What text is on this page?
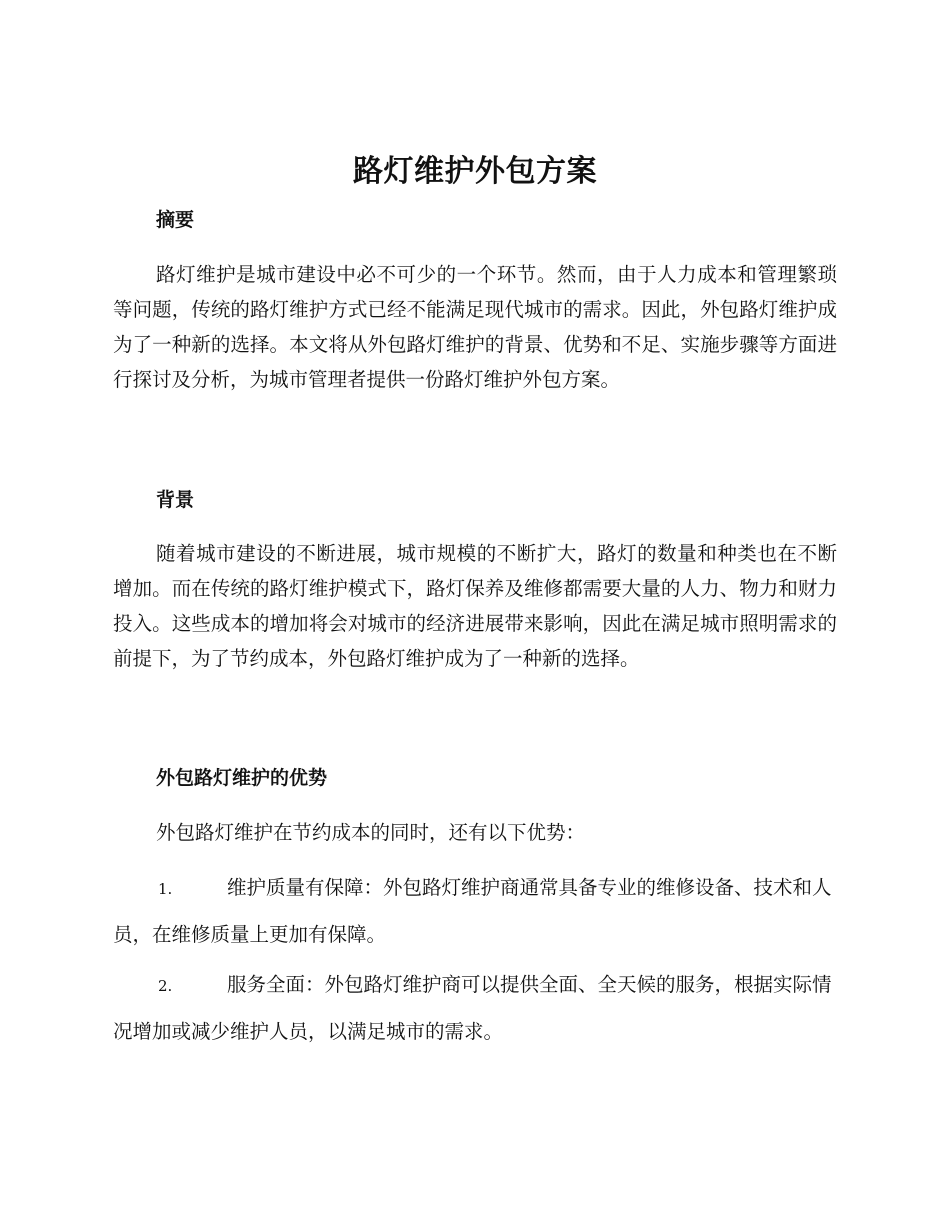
路灯维护外包方案
摘要

路灯维护是城市建设中必不可少的一个环节。然而，由于人力成本和管理繁琐等问题，传统的路灯维护方式已经不能满足现代城市的需求。因此，外包路灯维护成为了一种新的选择。本文将从外包路灯维护的背景、优势和不足、实施步骤等方面进行探讨及分析，为城市管理者提供一份路灯维护外包方案。

背景

随着城市建设的不断进展，城市规模的不断扩大，路灯的数量和种类也在不断增加。而在传统的路灯维护模式下，路灯保养及维修都需要大量的人力、物力和财力投入。这些成本的增加将会对城市的经济进展带来影响，因此在满足城市照明需求的前提下，为了节约成本，外包路灯维护成为了一种新的选择。

外包路灯维护的优势

外包路灯维护在节约成本的同时，还有以下优势：

1.	维护质量有保障：外包路灯维护商通常具备专业的维修设备、技术和人员，在维修质量上更加有保障。

2.	服务全面：外包路灯维护商可以提供全面、全天候的服务，根据实际情况增加或减少维护人员，以满足城市的需求。
